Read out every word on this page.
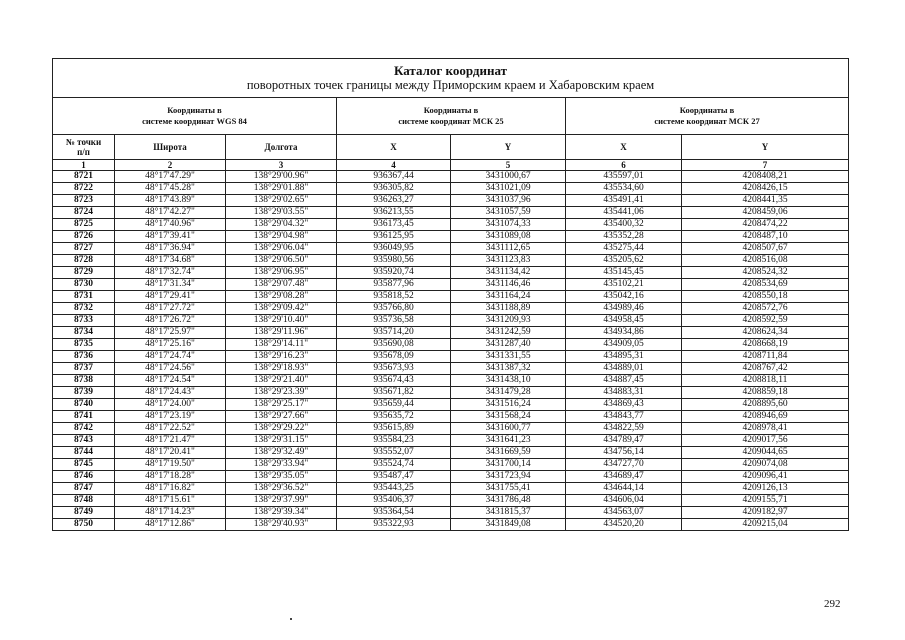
Каталог координат
поворотных точек границы между Приморским краем и Хабаровским краем						

Координаты в
системе координат WGS 84			Координаты в
системе координат МСК 25		Координаты в
системе координат МСК 27	

№ точки
п/п	Широта	Долгота	X	Y	X	Y
1	2	3	4	5	6	7
8721	48°17'47.29"	138°29'00.96"	936367,44	3431000,67	435597,01	4208408,21
8722	48°17'45.28"	138°29'01.88"	936305,82	3431021,09	435534,60	4208426,15
8723	48°17'43.89"	138°29'02.65"	936263,27	3431037,96	435491,41	4208441,35
8724	48°17'42.27"	138°29'03.55"	936213,55	3431057,59	435441,06	4208459,06
8725	48°17'40.96"	138°29'04.32"	936173,45	3431074,33	435400,32	4208474,22
8726	48°17'39.41"	138°29'04.98"	936125,95	3431089,08	435352,28	4208487,10
8727	48°17'36.94"	138°29'06.04"	936049,95	3431112,65	435275,44	4208507,67
8728	48°17'34.68"	138°29'06.50"	935980,56	3431123,83	435205,62	4208516,08
8729	48°17'32.74"	138°29'06.95"	935920,74	3431134,42	435145,45	4208524,32
8730	48°17'31.34"	138°29'07.48"	935877,96	3431146,46	435102,21	4208534,69
8731	48°17'29.41"	138°29'08.28"	935818,52	3431164,24	435042,16	4208550,18
8732	48°17'27.72"	138°29'09.42"	935766,80	3431188,89	434989,46	4208572,76
8733	48°17'26.72"	138°29'10.40"	935736,58	3431209,93	434958,45	4208592,59
8734	48°17'25.97"	138°29'11.96"	935714,20	3431242,59	434934,86	4208624,34
8735	48°17'25.16"	138°29'14.11"	935690,08	3431287,40	434909,05	4208668,19
8736	48°17'24.74"	138°29'16.23"	935678,09	3431331,55	434895,31	4208711,84
8737	48°17'24.56"	138°29'18.93"	935673,93	3431387,32	434889,01	4208767,42
8738	48°17'24.54"	138°29'21.40"	935674,43	3431438,10	434887,45	4208818,11
8739	48°17'24.43"	138°29'23.39"	935671,82	3431479,28	434883,31	4208859,18
8740	48°17'24.00"	138°29'25.17"	935659,44	3431516,24	434869,43	4208895,60
8741	48°17'23.19"	138°29'27.66"	935635,72	3431568,24	434843,77	4208946,69
8742	48°17'22.52"	138°29'29.22"	935615,89	3431600,77	434822,59	4208978,41
8743	48°17'21.47"	138°29'31.15"	935584,23	3431641,23	434789,47	4209017,56
8744	48°17'20.41"	138°29'32.49"	935552,07	3431669,59	434756,14	4209044,65
8745	48°17'19.50"	138°29'33.94"	935524,74	3431700,14	434727,70	4209074,08
8746	48°17'18.28"	138°29'35.05"	935487,47	3431723,94	434689,47	4209096,41
8747	48°17'16.82"	138°29'36.52"	935443,25	3431755,41	434644,14	4209126,13
8748	48°17'15.61"	138°29'37.99"	935406,37	3431786,48	434606,04	4209155,71
8749	48°17'14.23"	138°29'39.34"	935364,54	3431815,37	434563,07	4209182,97
8750	48°17'12.86"	138°29'40.93"	935322,93	3431849,08	434520,20	4209215,04
292
